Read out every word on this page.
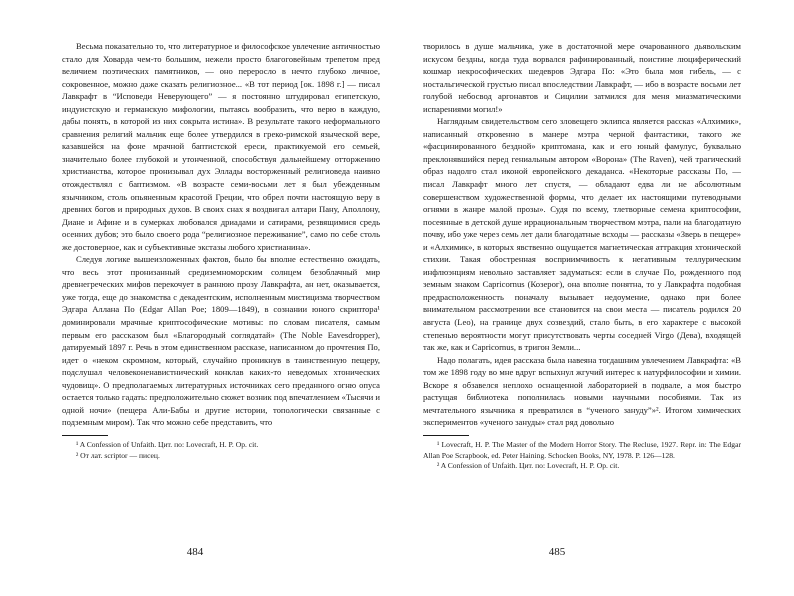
Весьма показательно то, что литературное и философское увлечение античностью стало для Ховарда чем-то большим, нежели просто благоговейным трепетом пред величием поэтических памятников, — оно переросло в нечто глубоко личное, сокровенное, можно даже сказать религиозное... «В тот период [ок. 1898 г.] — писал Лавкрафт в “Исповеди Неверующего” — я постоянно штудировал египетскую, индуистскую и германскую мифологии, пытаясь вообразить, что верю в каждую, дабы понять, в которой из них сокрыта истина». В результате такого неформального сравнения религий мальчик еще более утвердился в греко-римской языческой вере, казавшейся на фоне мрачной баптистской ереси, практикуемой его семьей, значительно более глубокой и утонченной, способствуя дальнейшему отторжению христианства, которое пронизывал дух Эллады восторженный религиоведа наивно отождествлял с баптизмом. «В возрасте семи-восьми лет я был убежденным язычником, столь опьяненным красотой Греции, что обрел почти настоящую веру в древних богов и природных духов. В своих снах я воздвигал алтари Пану, Аполлону, Диане и Афине и в сумерках любовался дриадами и сатирами, резвящимися средь осенних дубов; это было своего рода “религиозное переживание”, само по себе столь же достоверное, как и субъективные экстазы любого христианина».

Следуя логике вышеизложенных фактов, было бы вполне естественно ожидать, что весь этот пронизанный средиземноморским солнцем безоблачный мир древнегреческих мифов перекочует в раннюю прозу Лавкрафта, ан нет, оказывается, уже тогда, еще до знакомства с декадентским, исполненным мистицизма творчеством Эдгара Аллана По (Edgar Allan Poe; 1809—1849), в сознании юного скриптора¹ доминировали мрачные криптософические мотивы: по словам писателя, самым первым его рассказом был «Благородный соглядатай» (The Noble Eavesdropper), датируемый 1897 г. Речь в этом единственном рассказе, написанном до прочтения По, идет о «неком скромном, который, случайно проникнув в таинственную пещеру, подслушал человеконенавистнический конклав каких-то неведомых хтонических чудовищ». О предполагаемых литературных источниках сего преданного огню опуса остается только гадать: предположительно сюжет возник под впечатлением «Тысячи и одной ночи» (пещера Али-Бабы и другие истории, топологически связанные с подземным миром). Так что можно себе представить, что

¹ A Confession of Unfaith. Цит. по: Lovecraft, H. P. Op. cit.

² От лат. scriptor — писец.

творилось в душе мальчика, уже в достаточной мере очарованного дьявольским искусом бездны, когда туда ворвался рафинированный, поистине люциферический кошмар некрософических шедевров Эдгара По: «Это была моя гибель, — с ностальгической грустью писал впоследствии Лавкрафт, — ибо в возрасте восьми лет голубой небосвод аргонавтов и Сицилии затмился для меня миазматическими испарениями могил!»

Наглядным свидетельством сего зловещего эклипса является рассказ «Алхимик», написанный откровенно в манере мэтра черной фантастики, такого же «фасцинированного бездной» криптомана, как и его юный фамулус, буквально преклонявшийся перед гениальным автором «Ворона» (The Raven), чей трагический образ надолго стал иконой европейского декаданса. «Некоторые рассказы По, — писал Лавкрафт много лет спустя, — обладают едва ли не абсолютным совершенством художественной формы, что делает их настоящими путеводными огнями в жанре малой прозы». Судя по всему, тлетворные семена криптософии, посеянные в детской душе иррациональным творчеством мэтра, пали на благодатную почву, ибо уже через семь лет дали благодатные всходы — рассказы «Зверь в пещере» и «Алхимик», в которых явственно ощущается магнетическая аттракция хтонической стихии. Такая обостренная восприимчивость к негативным теллурическим инфлюэнциям невольно заставляет задуматься: если в случае По, рожденного под земным знаком Capricornus (Козерог), она вполне понятна, то у Лавкрафта подобная предрасположенность поначалу вызывает недоумение, однако при более внимательном рассмотрении все становится на свои места — писатель родился 20 августа (Leo), на границе двух созвездий, стало быть, в его характере с высокой степенью вероятности могут присутствовать черты соседней Virgo (Дева), входящей так же, как и Capricornus, в тригон Земли...

Надо полагать, идея рассказа была навеяна тогдашним увлечением Лавкрафта: «В том же 1898 году во мне вдруг вспыхнул жгучий интерес к натурфилософии и химии. Вскоре я обзавелся неплохо оснащенной лабораторией в подвале, а моя быстро растущая библиотека пополнилась новыми научными пособиями. Так из мечтательного язычника я превратился в “ученого зануду”»². Итогом химических экспериментов «ученого зануды» стал ряд довольно

¹ Lovecraft, H. P. The Master of the Modern Horror Story. The Recluse, 1927. Repr. in: The Edgar Allan Poe Scrapbook, ed. Peter Haining. Schocken Books, NY, 1978. P. 126—128.

² A Confession of Unfaith. Цит. по: Lovecraft, H. P. Op. cit.

484	485
